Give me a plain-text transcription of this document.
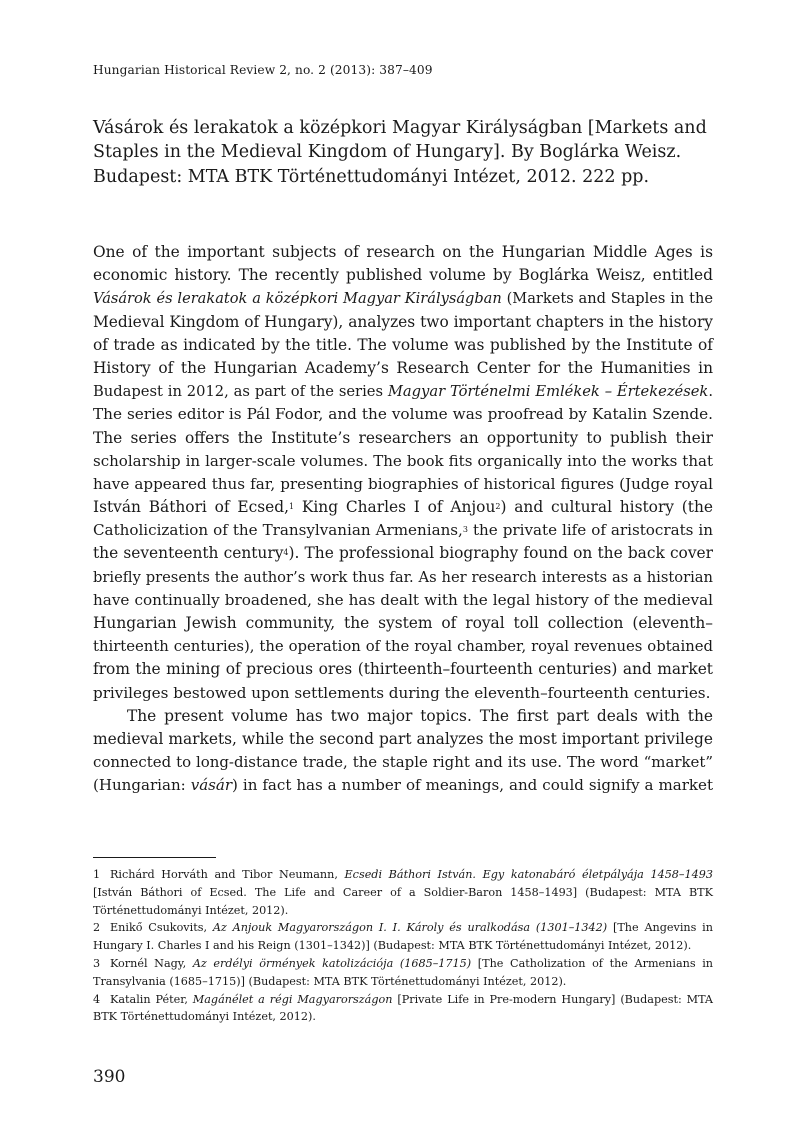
Hungarian Historical Review 2, no. 2 (2013): 387–409
Vásárok és lerakatok a középkori Magyar Királyságban [Markets and
Staples in the Medieval Kingdom of Hungary]. By Boglárka Weisz.
Budapest: MTA BTK Történettudományi Intézet, 2012. 222 pp.
One of the important subjects of research on the Hungarian Middle Ages is
economic history. The recently published volume by Boglárka Weisz, entitled
Vásárok és lerakatok a középkori Magyar Királyságban (Markets and Staples in the
Medieval Kingdom of Hungary), analyzes two important chapters in the history
of trade as indicated by the title. The volume was published by the Institute of
History of the Hungarian Academy’s Research Center for the Humanities in
Budapest in 2012, as part of the series Magyar Történelmi Emlékek – Értekezések.
The series editor is Pál Fodor, and the volume was proofread by Katalin Szende.
The series offers the Institute’s researchers an opportunity to publish their
scholarship in larger-scale volumes. The book fits organically into the works that
have appeared thus far, presenting biographies of historical figures (Judge royal
István Báthori of Ecsed,$^1$ King Charles I of Anjou$^2$) and cultural history (the
Catholicization of the Transylvanian Armenians,$^3$ the private life of aristocrats in
the seventeenth century$^4$). The professional biography found on the back cover
briefly presents the author’s work thus far. As her research interests as a historian
have continually broadened, she has dealt with the legal history of the medieval
Hungarian Jewish community, the system of royal toll collection (eleventh–
thirteenth centuries), the operation of the royal chamber, royal revenues obtained
from the mining of precious ores (thirteenth–fourteenth centuries) and market
privileges bestowed upon settlements during the eleventh–fourteenth centuries.
The present volume has two major topics. The first part deals with the
medieval markets, while the second part analyzes the most important privilege
connected to long-distance trade, the staple right and its use. The word “market”
(Hungarian: vásár) in fact has a number of meanings, and could signify a market
1 Richárd Horváth and Tibor Neumann, Ecsedi Báthori István. Egy katonabáró életpályája 1458–1493
[István Báthori of Ecsed. The Life and Career of a Soldier-Baron 1458–1493] (Budapest: MTA BTK
Történettudományi Intézet, 2012).
2 Enikő Csukovits, Az Anjouk Magyarországon I. I. Károly és uralkodása (1301–1342) [The Angevins in
Hungary I. Charles I and his Reign (1301–1342)] (Budapest: MTA BTK Történettudományi Intézet, 2012).
3 Kornél Nagy, Az erdélyi örmények katolizációja (1685–1715) [The Catholization of the Armenians in
Transylvania (1685–1715)] (Budapest: MTA BTK Történettudományi Intézet, 2012).
4 Katalin Péter, Magánélet a régi Magyarországon [Private Life in Pre-modern Hungary] (Budapest: MTA
BTK Történettudományi Intézet, 2012).
390
